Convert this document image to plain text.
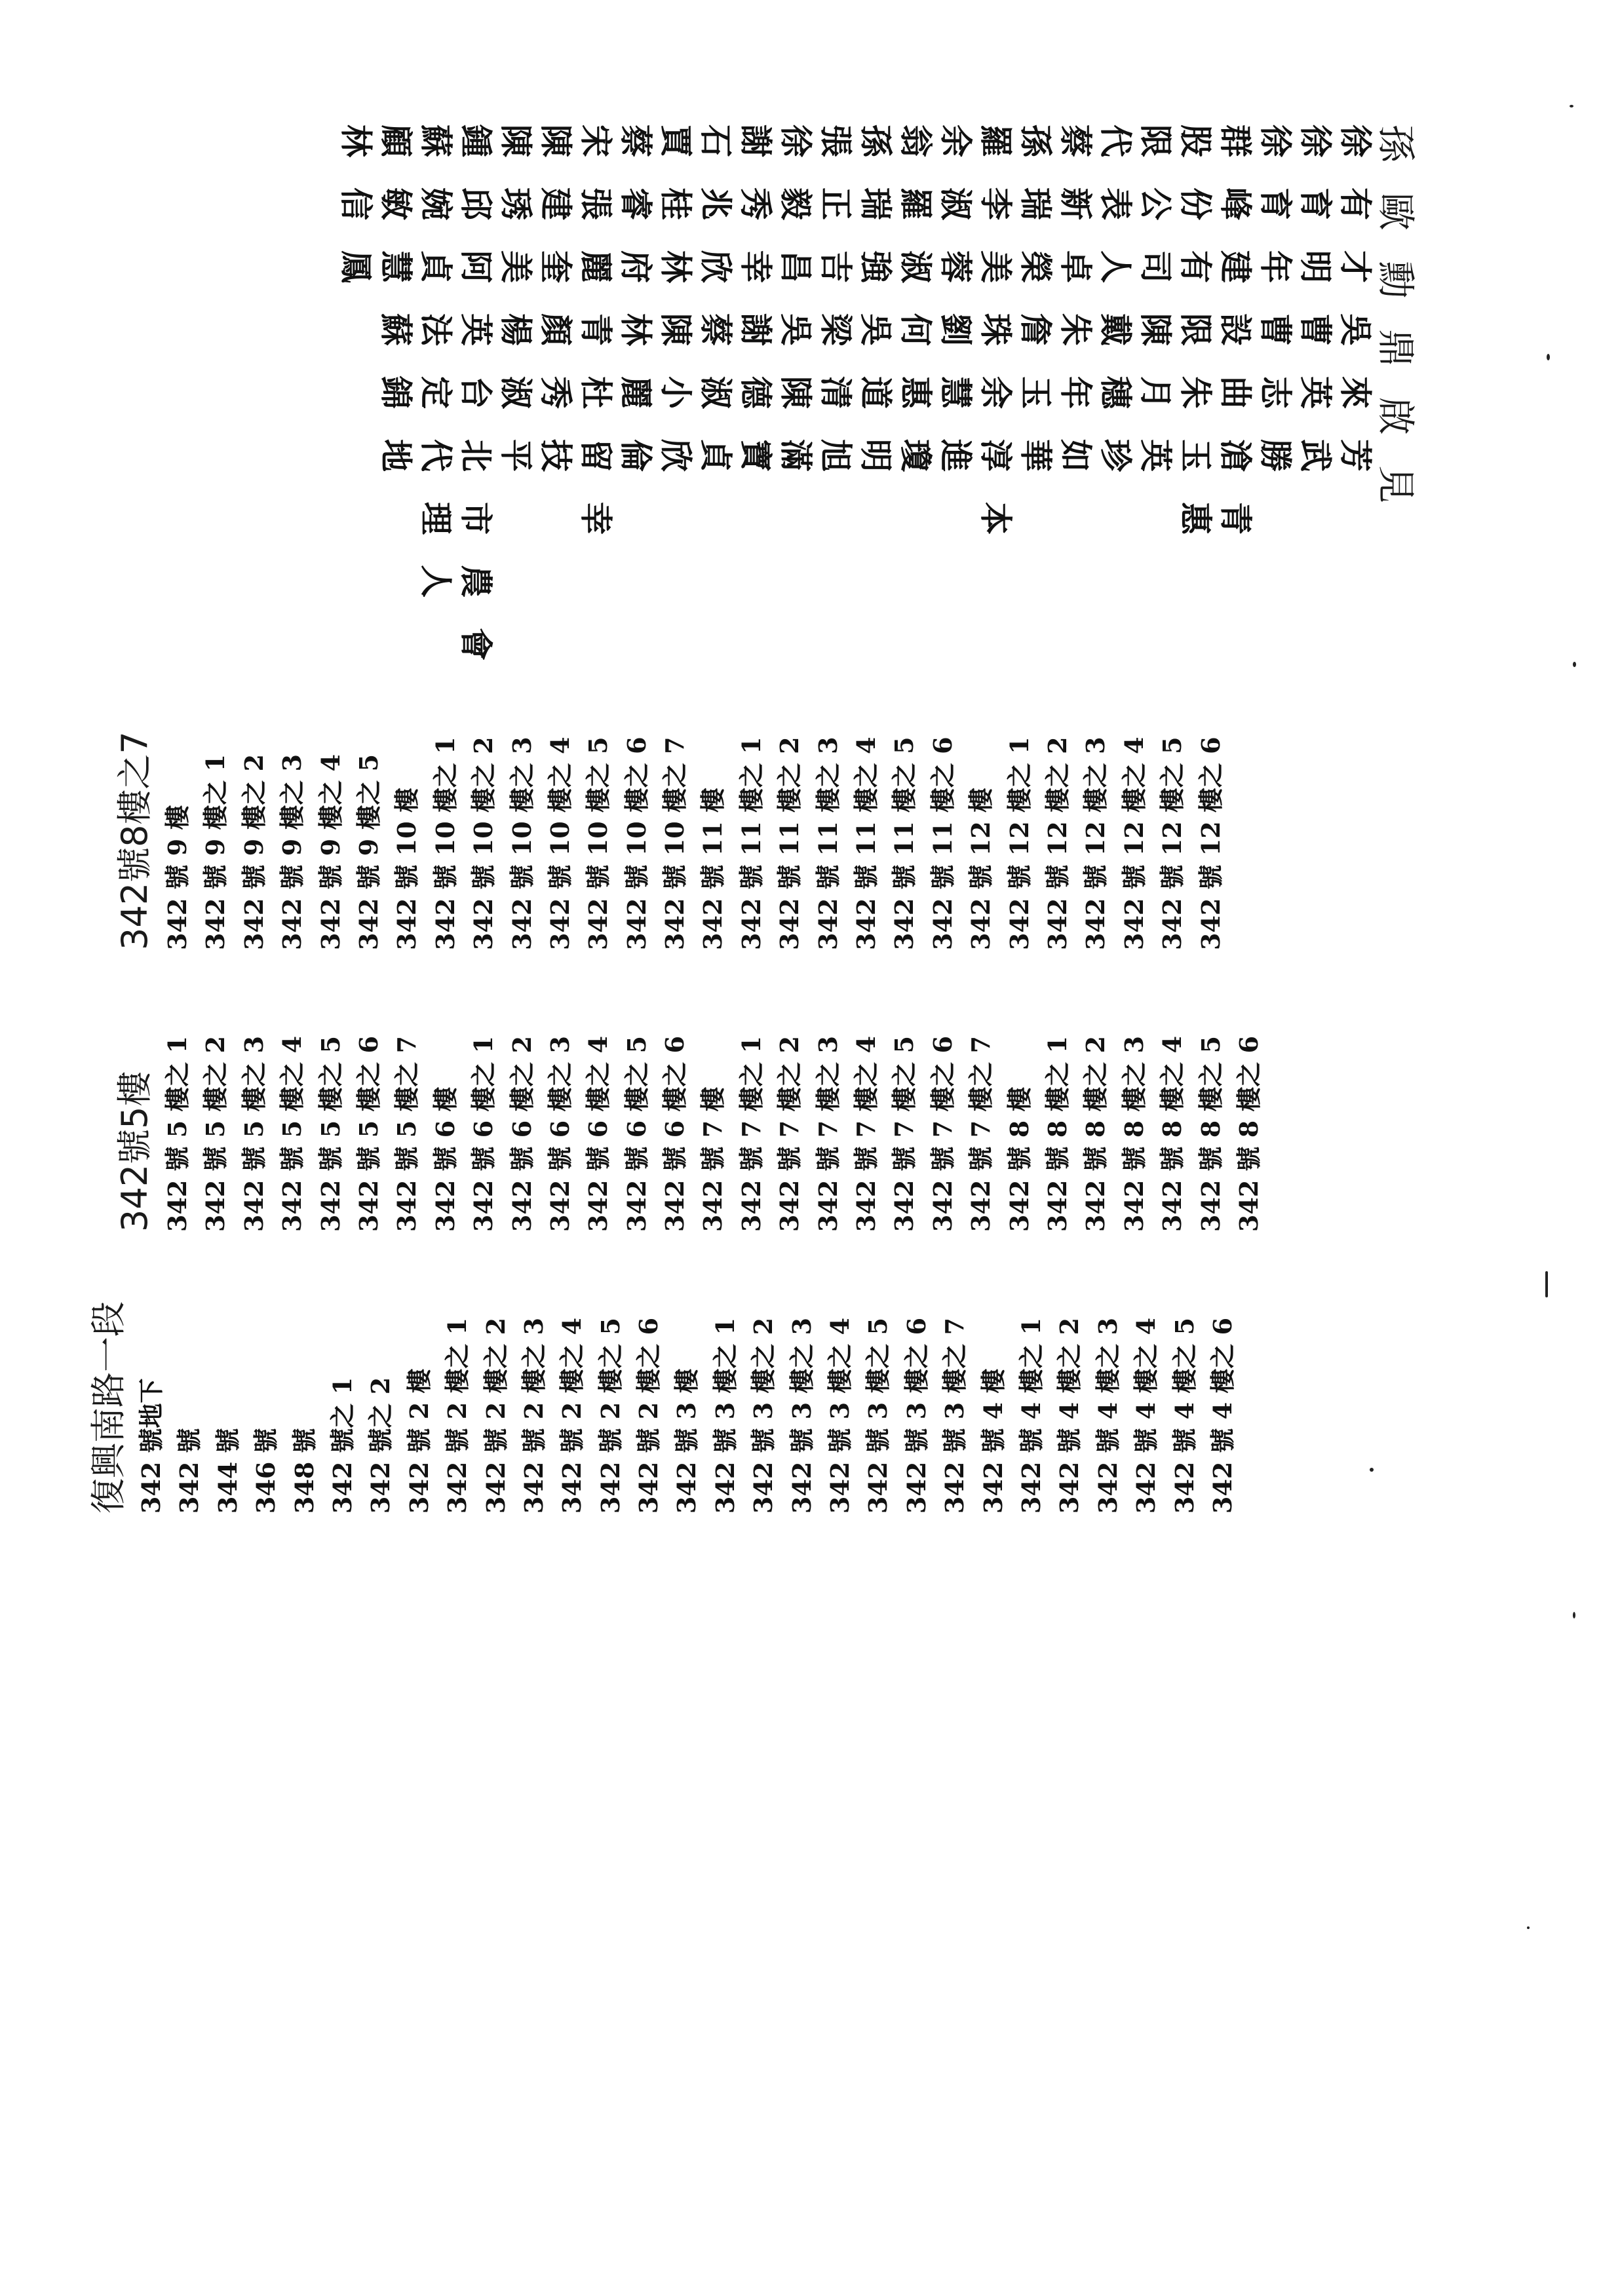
孫歐勳鼎啟見
徐有才吳來芳
徐育明曹英武
徐育年曹志勝
群峰建設曲滄青
股份有限朱玉惠
限公司陳月英
代表人戴穗珍
蔡新卓朱年如
孫瑞榮詹玉華
羅李美珠余淳本
余淑蓉劉慧進
翁羅淑何惠瓊
孫瑞強吳道明
張正吉梁清旭
徐毅昌吳陳滿
謝秀幸謝德寶
石兆欣蔡淑貞
賈桂林陳小欣
蔡睿府林麗倫
宋張麗青杜留幸
陳建奎顏秀技
陳琇美楊淑平
鍾邱阿英台北市農會
蘇婉貞法定代理人
顧敏慧蘇錦地
林信鳳
復興南路一段 342 號地下 342 號 344 號 346 號 348 號 342 號之 1 342 號之 2 342 號 2 樓 342 號 2 樓之 1 342 號 2 樓之 2 342 號 2 樓之 3 342 號 2 樓之 4 342 號 2 樓之 5 342 號 2 樓之 6 342 號 3 樓 342 號 3 樓之 1 342 號 3 樓之 2 342 號 3 樓之 3 342 號 3 樓之 4 342 號 3 樓之 5 342 號 3 樓之 6 342 號 3 樓之 7 342 號 4 樓 342 號 4 樓之 1 342 號 4 樓之 2 342 號 4 樓之 3 342 號 4 樓之 4 342 號 4 樓之 5 342 號 4 樓之 6
342號5樓 342 號 5 樓之 1 342 號 5 樓之 2 342 號 5 樓之 3 342 號 5 樓之 4 342 號 5 樓之 5 342 號 5 樓之 6 342 號 5 樓之 7 342 號 6 樓 342 號 6 樓之 1 342 號 6 樓之 2 342 號 6 樓之 3 342 號 6 樓之 4 342 號 6 樓之 5 342 號 6 樓之 6 342 號 7 樓 342 號 7 樓之 1 342 號 7 樓之 2 342 號 7 樓之 3 342 號 7 樓之 4 342 號 7 樓之 5 342 號 7 樓之 6 342 號 7 樓之 7 342 號 8 樓 342 號 8 樓之 1 342 號 8 樓之 2 342 號 8 樓之 3 342 號 8 樓之 4 342 號 8 樓之 5 342 號 8 樓之 6
342號8樓之7 342 號 9 樓 342 號 9 樓之 1 342 號 9 樓之 2 342 號 9 樓之 3 342 號 9 樓之 4 342 號 9 樓之 5 342 號 10 樓 342 號 10 樓之 1 342 號 10 樓之 2 342 號 10 樓之 3 342 號 10 樓之 4 342 號 10 樓之 5 342 號 10 樓之 6 342 號 10 樓之 7 342 號 11 樓 342 號 11 樓之 1 342 號 11 樓之 2 342 號 11 樓之 3 342 號 11 樓之 4 342 號 11 樓之 5 342 號 11 樓之 6 342 號 12 樓 342 號 12 樓之 1 342 號 12 樓之 2 342 號 12 樓之 3 342 號 12 樓之 4 342 號 12 樓之 5 342 號 12 樓之 6
